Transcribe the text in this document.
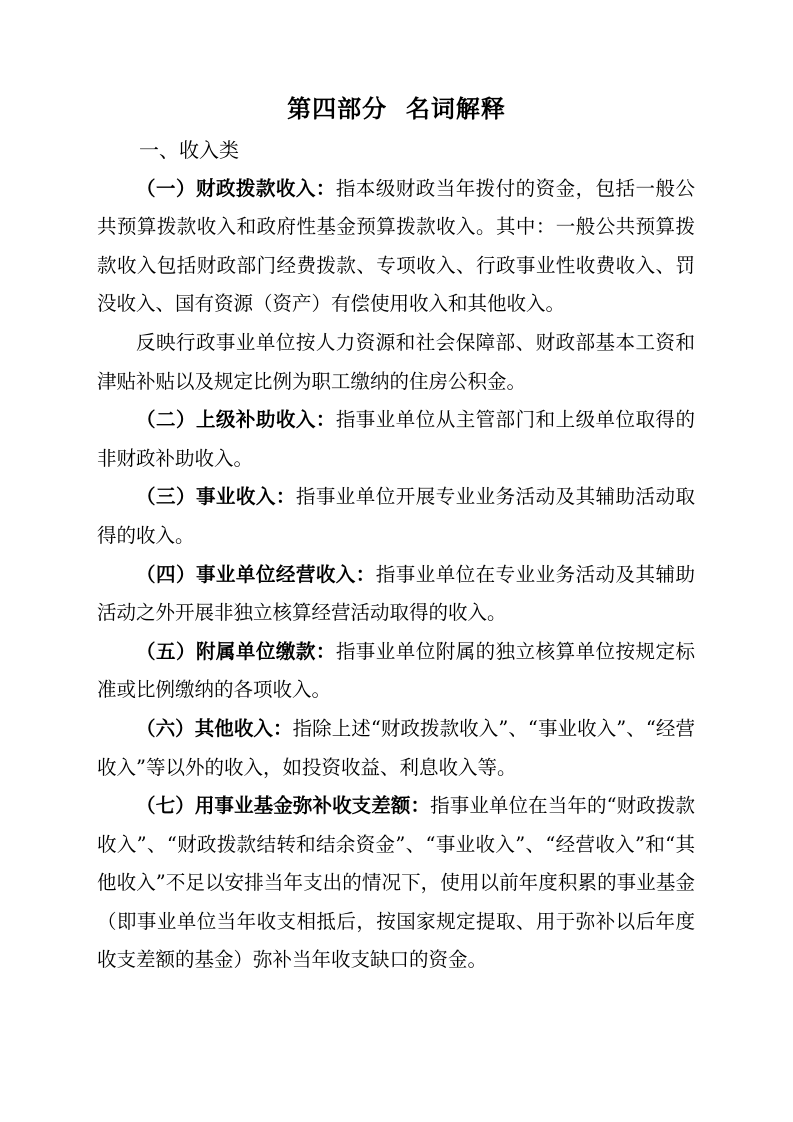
第四部分  名词解释

一、收入类

（一）财政拨款收入：指本级财政当年拨付的资金，包括一般公共预算拨款收入和政府性基金预算拨款收入。其中：一般公共预算拨款收入包括财政部门经费拨款、专项收入、行政事业性收费收入、罚没收入、国有资源（资产）有偿使用收入和其他收入。

反映行政事业单位按人力资源和社会保障部、财政部基本工资和津贴补贴以及规定比例为职工缴纳的住房公积金。

（二）上级补助收入：指事业单位从主管部门和上级单位取得的非财政补助收入。

（三）事业收入：指事业单位开展专业业务活动及其辅助活动取得的收入。

（四）事业单位经营收入：指事业单位在专业业务活动及其辅助活动之外开展非独立核算经营活动取得的收入。

（五）附属单位缴款：指事业单位附属的独立核算单位按规定标准或比例缴纳的各项收入。

（六）其他收入：指除上述“财政拨款收入”、“事业收入”、“经营收入”等以外的收入，如投资收益、利息收入等。

（七）用事业基金弥补收支差额：指事业单位在当年的“财政拨款收入”、“财政拨款结转和结余资金”、“事业收入”、“经营收入”和“其他收入”不足以安排当年支出的情况下，使用以前年度积累的事业基金（即事业单位当年收支相抵后，按国家规定提取、用于弥补以后年度收支差额的基金）弥补当年收支缺口的资金。
